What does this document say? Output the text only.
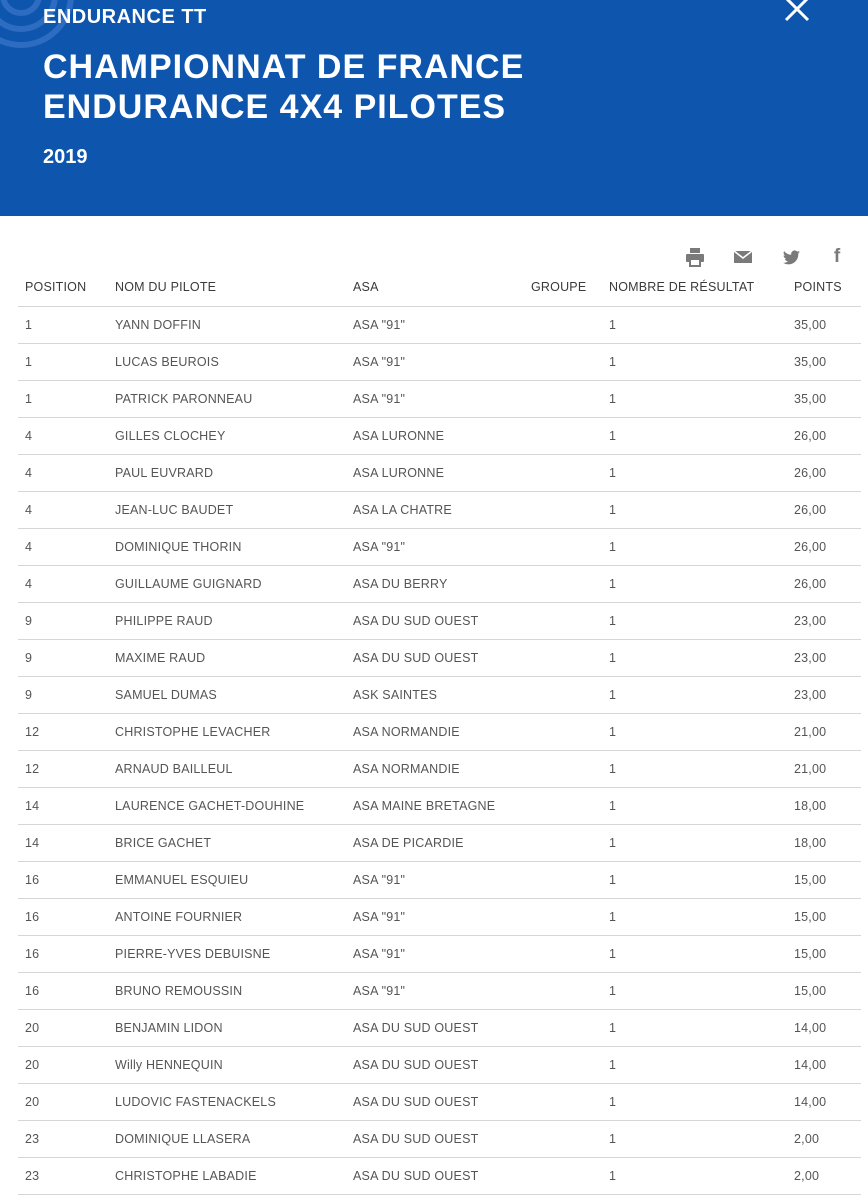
ENDURANCE TT
CHAMPIONNAT DE FRANCE
ENDURANCE 4X4 PILOTES
2019
f
POSITION	NOM DU PILOTE	ASA	GROUPE	NOMBRE DE RÉSULTAT	POINTS
1	YANN DOFFIN	ASA "91"		1	35,00
1	LUCAS BEUROIS	ASA "91"		1	35,00
1	PATRICK PARONNEAU	ASA "91"		1	35,00
4	GILLES CLOCHEY	ASA LURONNE		1	26,00
4	PAUL EUVRARD	ASA LURONNE		1	26,00
4	JEAN-LUC BAUDET	ASA LA CHATRE		1	26,00
4	DOMINIQUE THORIN	ASA "91"		1	26,00
4	GUILLAUME GUIGNARD	ASA DU BERRY		1	26,00
9	PHILIPPE RAUD	ASA DU SUD OUEST		1	23,00
9	MAXIME RAUD	ASA DU SUD OUEST		1	23,00
9	SAMUEL DUMAS	ASK SAINTES		1	23,00
12	CHRISTOPHE LEVACHER	ASA NORMANDIE		1	21,00
12	ARNAUD BAILLEUL	ASA NORMANDIE		1	21,00
14	LAURENCE GACHET-DOUHINE	ASA MAINE BRETAGNE		1	18,00
14	BRICE GACHET	ASA DE PICARDIE		1	18,00
16	EMMANUEL ESQUIEU	ASA "91"		1	15,00
16	ANTOINE FOURNIER	ASA "91"		1	15,00
16	PIERRE-YVES DEBUISNE	ASA "91"		1	15,00
16	BRUNO REMOUSSIN	ASA "91"		1	15,00
20	BENJAMIN LIDON	ASA DU SUD OUEST		1	14,00
20	Willy HENNEQUIN	ASA DU SUD OUEST		1	14,00
20	LUDOVIC FASTENACKELS	ASA DU SUD OUEST		1	14,00
23	DOMINIQUE LLASERA	ASA DU SUD OUEST		1	2,00
23	CHRISTOPHE LABADIE	ASA DU SUD OUEST		1	2,00
